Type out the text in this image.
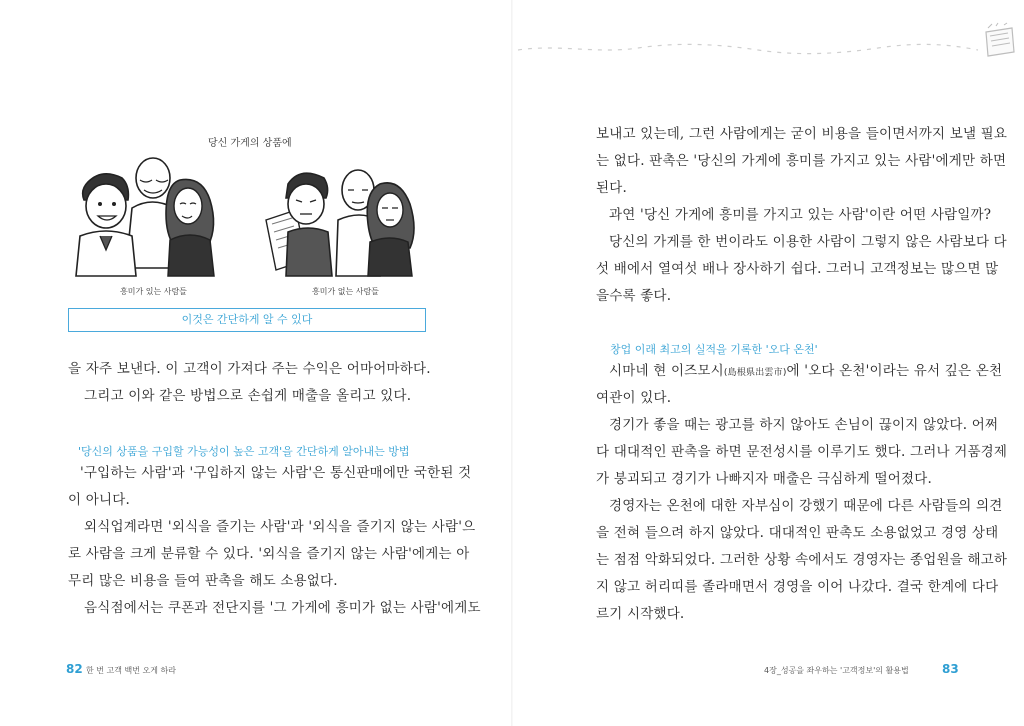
당신 가게의 상품에
흥미가 있는 사람들	흥미가 없는 사람들
이것은 간단하게 알 수 있다
을 자주 보낸다. 이 고객이 가져다 주는 수익은 어마어마하다.
그리고 이와 같은 방법으로 손쉽게 매출을 올리고 있다.
'당신의 상품을 구입할 가능성이 높은 고객'을 간단하게 알아내는 방법
'구입하는 사람'과 '구입하지 않는 사람'은 통신판매에만 국한된 것
이 아니다.
외식업계라면 '외식을 즐기는 사람'과 '외식을 즐기지 않는 사람'으
로 사람을 크게 분류할 수 있다. '외식을 즐기지 않는 사람'에게는 아
무리 많은 비용을 들여 판촉을 해도 소용없다.
음식점에서는 쿠폰과 전단지를 '그 가게에 흥미가 없는 사람'에게도
82 한 번 고객 백번 오게 하라
보내고 있는데, 그런 사람에게는 굳이 비용을 들이면서까지 보낼 필요
는 없다. 판촉은 '당신의 가게에 흥미를 가지고 있는 사람'에게만 하면
된다.
과연 '당신 가게에 흥미를 가지고 있는 사람'이란 어떤 사람일까?
당신의 가게를 한 번이라도 이용한 사람이 그렇지 않은 사람보다 다
섯 배에서 열여섯 배나 장사하기 쉽다. 그러니 고객정보는 많으면 많
을수록 좋다.
창업 이래 최고의 실적을 기록한 '오다 온천'
시마네 현 이즈모시(島根県出雲市)에 '오다 온천'이라는 유서 깊은 온천
여관이 있다.
경기가 좋을 때는 광고를 하지 않아도 손님이 끊이지 않았다. 어쩌
다 대대적인 판촉을 하면 문전성시를 이루기도 했다. 그러나 거품경제
가 붕괴되고 경기가 나빠지자 매출은 극심하게 떨어졌다.
경영자는 온천에 대한 자부심이 강했기 때문에 다른 사람들의 의견
을 전혀 들으려 하지 않았다. 대대적인 판촉도 소용없었고 경영 상태
는 점점 악화되었다. 그러한 상황 속에서도 경영자는 종업원을 해고하
지 않고 허리띠를 졸라매면서 경영을 이어 나갔다. 결국 한계에 다다
르기 시작했다.
4장_성공을 좌우하는 '고객정보'의 활용법	83
